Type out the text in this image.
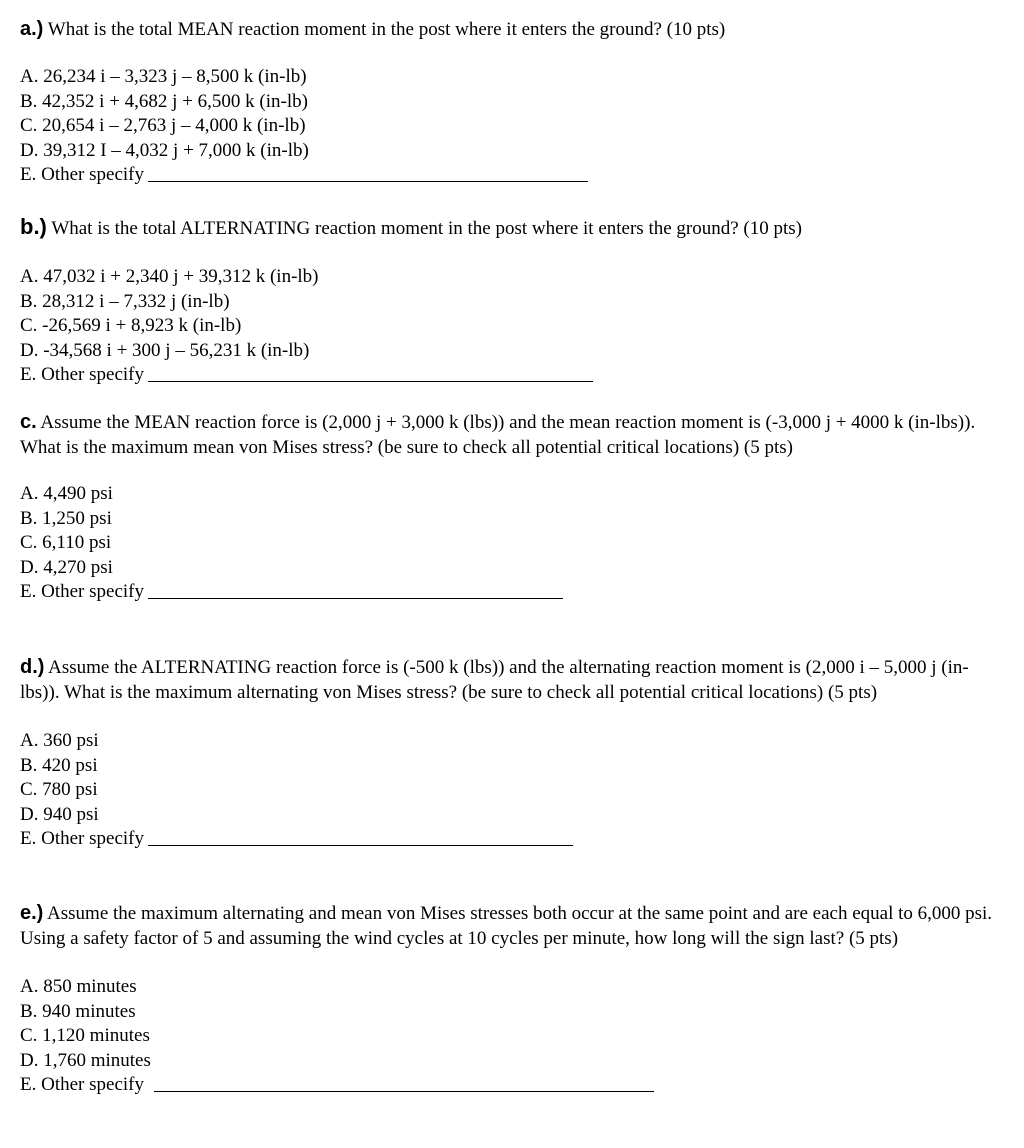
a.) What is the total MEAN reaction moment in the post where it enters the ground? (10 pts)

A. 26,234 i – 3,323 j – 8,500 k (in-lb)
B. 42,352 i + 4,682 j + 6,500 k (in-lb)
C. 20,654 i – 2,763 j – 4,000 k (in-lb)
D. 39,312 I – 4,032 j + 7,000 k (in-lb)
E. Other specify

b.) What is the total ALTERNATING reaction moment in the post where it enters the ground? (10 pts)

A. 47,032 i + 2,340 j + 39,312 k (in-lb)
B. 28,312 i – 7,332 j (in-lb)
C. -26,569 i + 8,923 k (in-lb)
D. -34,568 i + 300 j – 56,231 k (in-lb)
E. Other specify

c. Assume the MEAN reaction force is (2,000 j + 3,000 k (lbs)) and the mean reaction moment is (-3,000 j + 4000 k (in-lbs)). What is the maximum mean von Mises stress? (be sure to check all potential critical locations) (5 pts)

A. 4,490 psi
B. 1,250 psi
C. 6,110 psi
D. 4,270 psi
E. Other specify

d.) Assume the ALTERNATING reaction force is (-500 k (lbs)) and the alternating reaction moment is (2,000 i – 5,000 j (in-lbs)). What is the maximum alternating von Mises stress? (be sure to check all potential critical locations) (5 pts)

A. 360 psi
B. 420 psi
C. 780 psi
D. 940 psi
E. Other specify

e.) Assume the maximum alternating and mean von Mises stresses both occur at the same point and are each equal to 6,000 psi. Using a safety factor of 5 and assuming the wind cycles at 10 cycles per minute, how long will the sign last? (5 pts)

A. 850 minutes
B. 940 minutes
C. 1,120 minutes
D. 1,760 minutes
E. Other specify
